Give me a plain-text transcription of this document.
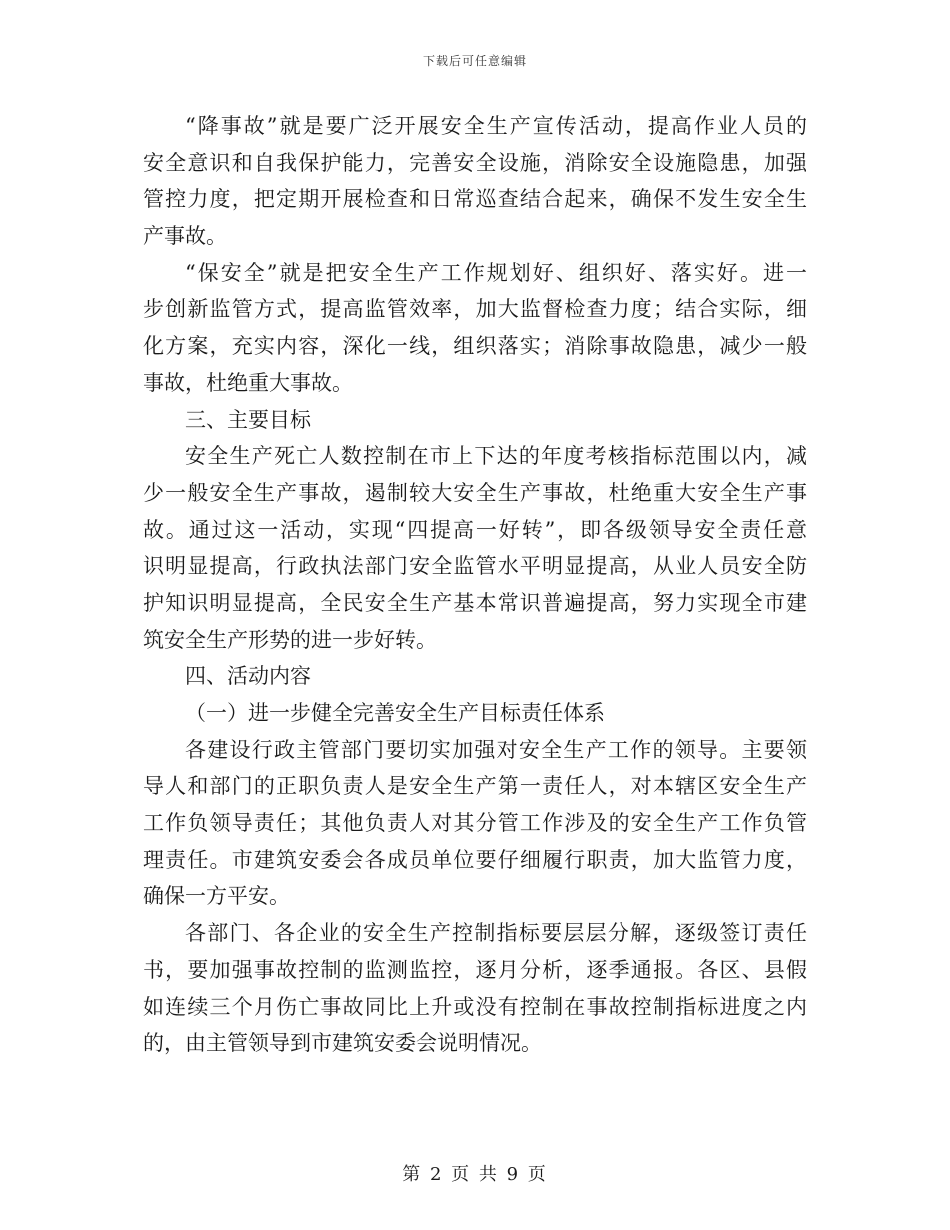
下载后可任意编辑
“降事故”就是要广泛开展安全生产宣传活动，提高作业人员的
安全意识和自我保护能力，完善安全设施，消除安全设施隐患，加强
管控力度，把定期开展检查和日常巡查结合起来，确保不发生安全生
产事故。
“保安全”就是把安全生产工作规划好、组织好、落实好。进一
步创新监管方式，提高监管效率，加大监督检查力度；结合实际，细
化方案，充实内容，深化一线，组织落实；消除事故隐患，减少一般
事故，杜绝重大事故。
三、主要目标
安全生产死亡人数控制在市上下达的年度考核指标范围以内，减
少一般安全生产事故，遏制较大安全生产事故，杜绝重大安全生产事
故。通过这一活动，实现“四提高一好转”，即各级领导安全责任意
识明显提高，行政执法部门安全监管水平明显提高，从业人员安全防
护知识明显提高，全民安全生产基本常识普遍提高，努力实现全市建
筑安全生产形势的进一步好转。
四、活动内容
（一）进一步健全完善安全生产目标责任体系
各建设行政主管部门要切实加强对安全生产工作的领导。主要领
导人和部门的正职负责人是安全生产第一责任人，对本辖区安全生产
工作负领导责任；其他负责人对其分管工作涉及的安全生产工作负管
理责任。市建筑安委会各成员单位要仔细履行职责，加大监管力度，
确保一方平安。
各部门、各企业的安全生产控制指标要层层分解，逐级签订责任
书，要加强事故控制的监测监控，逐月分析，逐季通报。各区、县假
如连续三个月伤亡事故同比上升或没有控制在事故控制指标进度之内
的，由主管领导到市建筑安委会说明情况。
第 2 页 共 9 页
